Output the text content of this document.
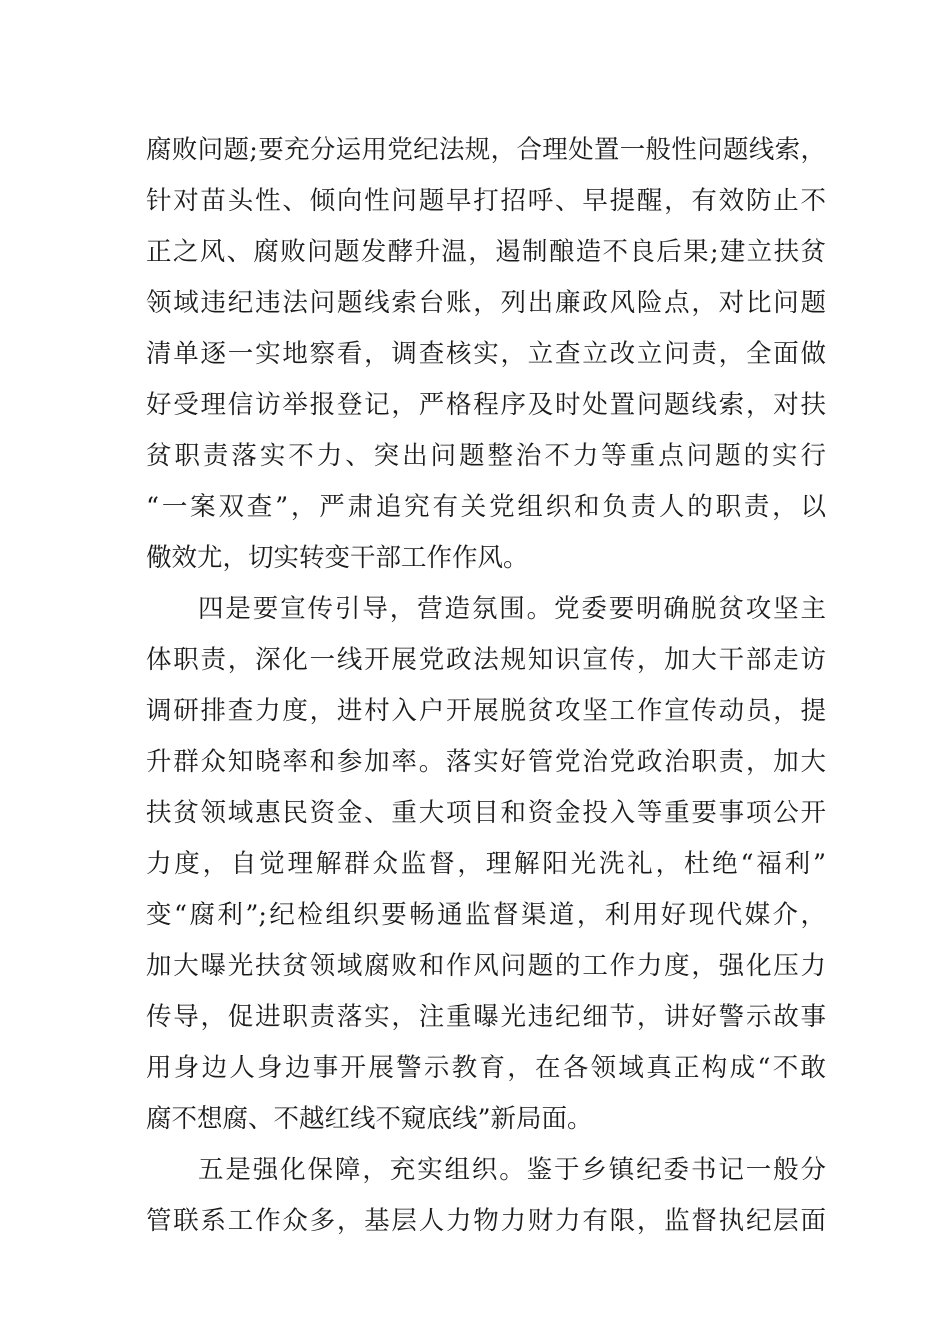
腐败问题;要充分运用党纪法规，合理处置一般性问题线索，
针对苗头性、倾向性问题早打招呼、早提醒，有效防止不
正之风、腐败问题发酵升温，遏制酿造不良后果;建立扶贫
领域违纪违法问题线索台账，列出廉政风险点，对比问题
清单逐一实地察看，调查核实，立查立改立问责，全面做
好受理信访举报登记，严格程序及时处置问题线索，对扶
贫职责落实不力、突出问题整治不力等重点问题的实行
“一案双查”，严肃追究有关党组织和负责人的职责，以
儆效尤，切实转变干部工作作风。
四是要宣传引导，营造氛围。党委要明确脱贫攻坚主
体职责，深化一线开展党政法规知识宣传，加大干部走访
调研排查力度，进村入户开展脱贫攻坚工作宣传动员，提
升群众知晓率和参加率。落实好管党治党政治职责，加大
扶贫领域惠民资金、重大项目和资金投入等重要事项公开
力度，自觉理解群众监督，理解阳光洗礼，杜绝“福利”
变“腐利”;纪检组织要畅通监督渠道，利用好现代媒介，
加大曝光扶贫领域腐败和作风问题的工作力度，强化压力
传导，促进职责落实，注重曝光违纪细节，讲好警示故事
用身边人身边事开展警示教育，在各领域真正构成“不敢
腐不想腐、不越红线不窥底线”新局面。
五是强化保障，充实组织。鉴于乡镇纪委书记一般分
管联系工作众多，基层人力物力财力有限，监督执纪层面
